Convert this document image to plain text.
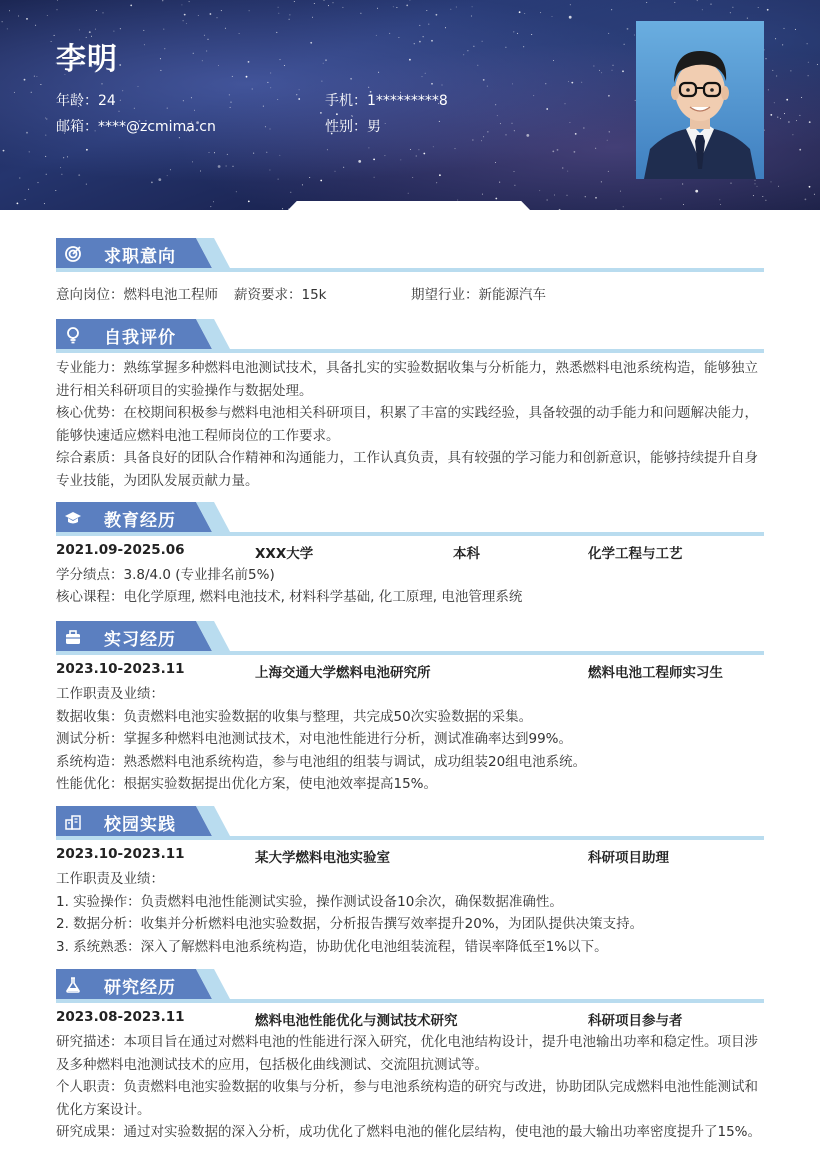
李明
年龄：24	手机：1*********8
邮箱：****@zcmima.cn	性别：男
求职意向
意向岗位：燃料电池工程师 薪资要求：15k	期望行业：新能源汽车
自我评价
专业能力：熟练掌握多种燃料电池测试技术，具备扎实的实验数据收集与分析能力，熟悉燃料电池系统构造，能够独立进行相关科研项目的实验操作与数据处理。
核心优势：在校期间积极参与燃料电池相关科研项目，积累了丰富的实践经验，具备较强的动手能力和问题解决能力，能够快速适应燃料电池工程师岗位的工作要求。
综合素质：具备良好的团队合作精神和沟通能力，工作认真负责，具有较强的学习能力和创新意识，能够持续提升自身专业技能，为团队发展贡献力量。
教育经历
2021.09-2025.06	XXX大学	本科	化学工程与工艺
学分绩点：3.8/4.0 (专业排名前5%)
核心课程：电化学原理, 燃料电池技术, 材料科学基础, 化工原理, 电池管理系统
实习经历
2023.10-2023.11	上海交通大学燃料电池研究所	燃料电池工程师实习生
工作职责及业绩：
数据收集：负责燃料电池实验数据的收集与整理，共完成50次实验数据的采集。
测试分析：掌握多种燃料电池测试技术，对电池性能进行分析，测试准确率达到99%。
系统构造：熟悉燃料电池系统构造，参与电池组的组装与调试，成功组装20组电池系统。
性能优化：根据实验数据提出优化方案，使电池效率提高15%。
校园实践
2023.10-2023.11	某大学燃料电池实验室	科研项目助理
工作职责及业绩：
1. 实验操作：负责燃料电池性能测试实验，操作测试设备10余次，确保数据准确性。
2. 数据分析：收集并分析燃料电池实验数据，分析报告撰写效率提升20%，为团队提供决策支持。
3. 系统熟悉：深入了解燃料电池系统构造，协助优化电池组装流程，错误率降低至1%以下。
研究经历
2023.08-2023.11	燃料电池性能优化与测试技术研究	科研项目参与者
研究描述：本项目旨在通过对燃料电池的性能进行深入研究，优化电池结构设计，提升电池输出功率和稳定性。项目涉及多种燃料电池测试技术的应用，包括极化曲线测试、交流阻抗测试等。
个人职责：负责燃料电池实验数据的收集与分析，参与电池系统构造的研究与改进，协助团队完成燃料电池性能测试和优化方案设计。
研究成果：通过对实验数据的深入分析，成功优化了燃料电池的催化层结构，使电池的最大输出功率密度提升了15%。
